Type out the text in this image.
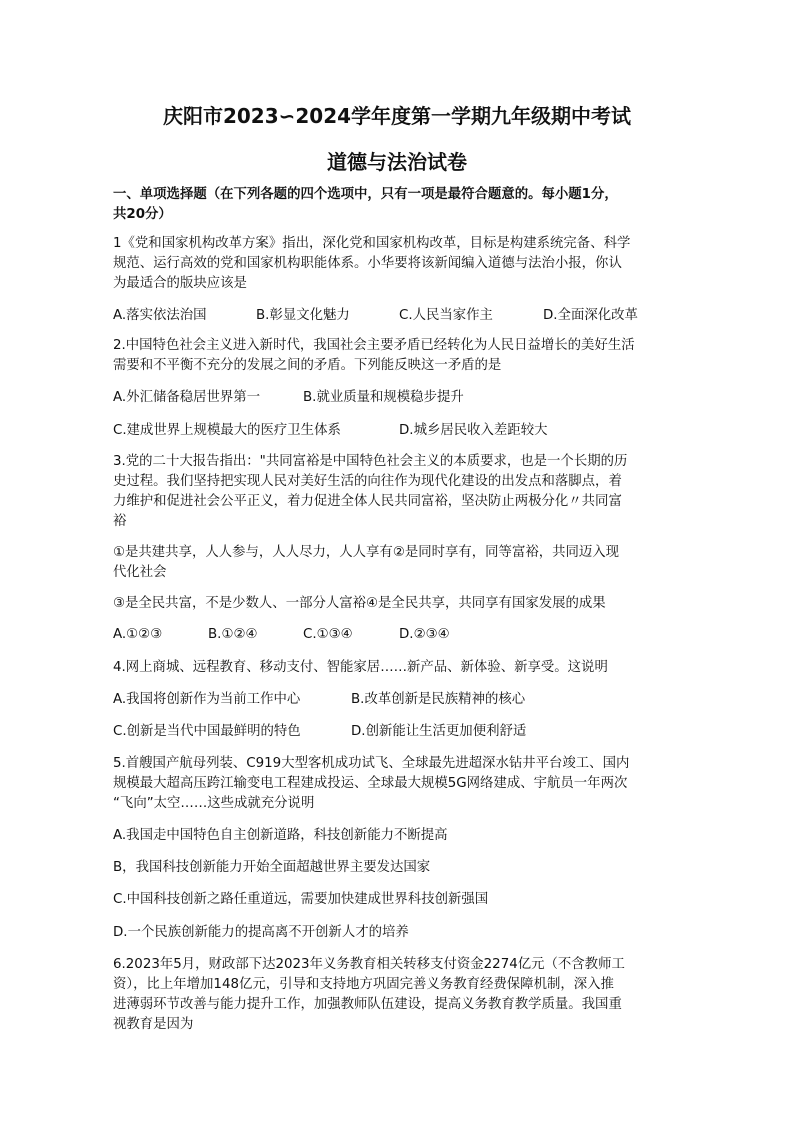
庆阳市2023∽2024学年度第一学期九年级期中考试
道德与法治试卷

一、单项选择题（在下列各题的四个选项中，只有一项是最符合题意的。每小题1分，

共20分）

1《党和国家机构改革方案》指出，深化党和国家机构改革，目标是构建系统完备、科学

规范、运行高效的党和国家机构职能体系。小华要将该新闻编入道德与法治小报，你认

为最适合的版块应该是

A.落实依法治国	B.彰显文化魅力	C.人民当家作主	D.全面深化改革

2.中国特色社会主义进入新时代，我国社会主要矛盾已经转化为人民日益增长的美好生活

需要和不平衡不充分的发展之间的矛盾。下列能反映这一矛盾的是

A.外汇储备稳居世界第一	B.就业质量和规模稳步提升
C.建成世界上规模最大的医疗卫生体系	D.城乡居民收入差距较大

3.党的二十大报告指出："共同富裕是中国特色社会主义的本质要求，也是一个长期的历

史过程。我们坚持把实现人民对美好生活的向往作为现代化建设的出发点和落脚点，着

力维护和促进社会公平正义，着力促进全体人民共同富裕，坚决防止两极分化〃共同富

裕

①是共建共享，人人参与，人人尽力，人人享有②是同时享有，同等富裕，共同迈入现

代化社会

③是全民共富，不是少数人、一部分人富裕④是全民共享，共同享有国家发展的成果

A.①②③	B.①②④	C.①③④	D.②③④

4.网上商城、远程教育、移动支付、智能家居……新产品、新体验、新享受。这说明

A.我国将创新作为当前工作中心	B.改革创新是民族精神的核心
C.创新是当代中国最鲜明的特色	D.创新能让生活更加便利舒适

5.首艘国产航母列装、C919大型客机成功试飞、全球最先进超深水钻井平台竣工、国内

规模最大超高压跨江输变电工程建成投运、全球最大规模5G网络建成、宇航员一年两次

“飞向”太空……这些成就充分说明

A.我国走中国特色自主创新道路，科技创新能力不断提高

B，我国科技创新能力开始全面超越世界主要发达国家

C.中国科技创新之路任重道远，需要加快建成世界科技创新强国

D.一个民族创新能力的提高离不开创新人才的培养

6.2023年5月，财政部下达2023年义务教育相关转移支付资金2274亿元（不含教师工

资），比上年增加148亿元，引导和支持地方巩固完善义务教育经费保障机制，深入推

进薄弱环节改善与能力提升工作，加强教师队伍建设，提高义务教育教学质量。我国重

视教育是因为
